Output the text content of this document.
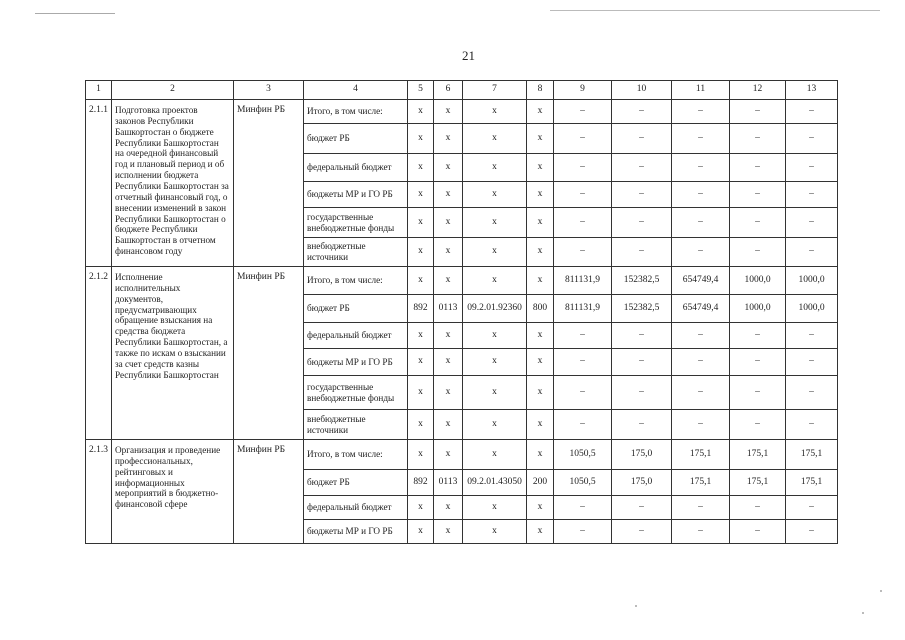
21
1	2	3	4	5	6	7	8	9	10	11	12	13
2.1.1	Подготовка проектов законов Республики Башкортостан о бюджете Республики Башкортостан на очередной финансовый год и плановый период и об исполнении бюджета Республики Башкортостан за отчетный финансовый год, о внесении изменений в закон Республики Башкортостан о бюджете Республики Башкортостан в отчетном финансовом году	Минфин РБ	Итого, в том числе:	x	x	x	x	–	–	–	–	–
			бюджет РБ	x	x	x	x	–	–	–	–	–
			федеральный бюджет	x	x	x	x	–	–	–	–	–
			бюджеты МР и ГО РБ	x	x	x	x	–	–	–	–	–
			государственные внебюджетные фонды	x	x	x	x	–	–	–	–	–
			внебюджетные источники	x	x	x	x	–	–	–	–	–
2.1.2	Исполнение исполнительных документов, предусматривающих обращение взыскания на средства бюджета Республики Башкортостан, а также по искам о взыскании за счет средств казны Республики Башкортостан	Минфин РБ	Итого, в том числе:	x	x	x	x	811131,9	152382,5	654749,4	1000,0	1000,0
			бюджет РБ	892	0113	09.2.01.92360	800	811131,9	152382,5	654749,4	1000,0	1000,0
			федеральный бюджет	x	x	x	x	–	–	–	–	–
			бюджеты МР и ГО РБ	x	x	x	x	–	–	–	–	–
			государственные внебюджетные фонды	x	x	x	x	–	–	–	–	–
			внебюджетные источники	x	x	x	x	–	–	–	–	–
2.1.3	Организация и проведение профессиональных, рейтинговых и информационных мероприятий в бюджетно-финансовой сфере	Минфин РБ	Итого, в том числе:	x	x	x	x	1050,5	175,0	175,1	175,1	175,1
			бюджет РБ	892	0113	09.2.01.43050	200	1050,5	175,0	175,1	175,1	175,1
			федеральный бюджет	x	x	x	x	–	–	–	–	–
			бюджеты МР и ГО РБ	x	x	x	x	–	–	–	–	–
